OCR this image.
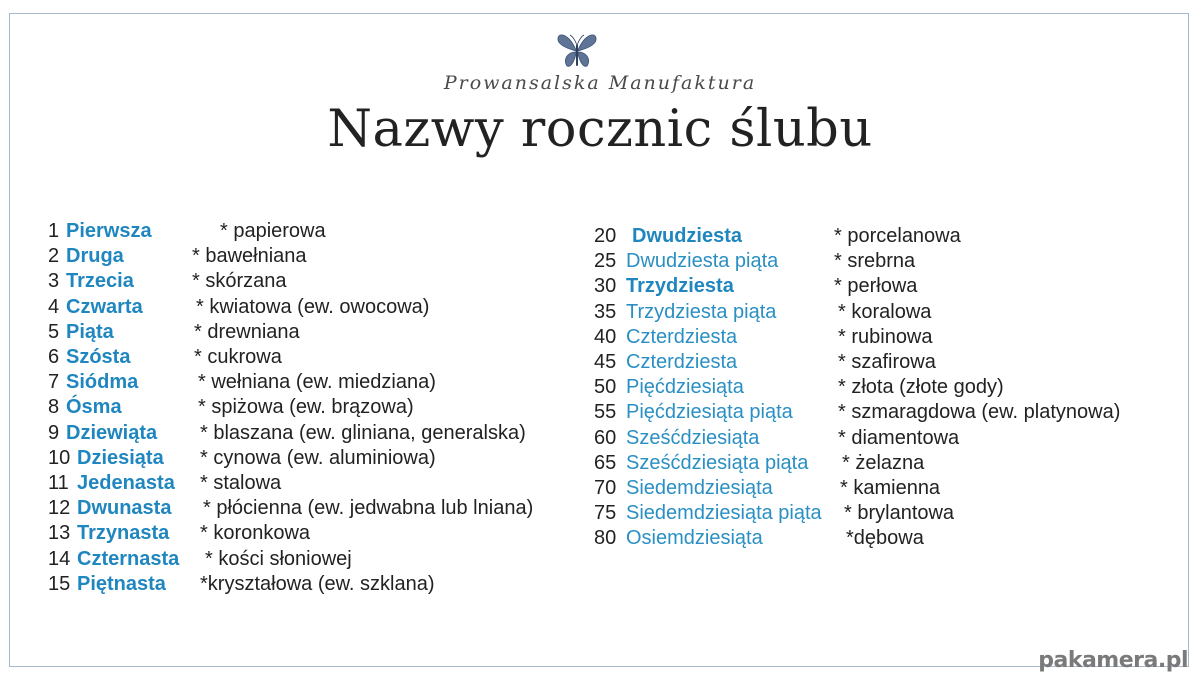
Prowansalska Manufaktura
Nazwy rocznic ślubu
1 Pierwsza	* papierowa
2 Druga	* bawełniana
3 Trzecia	* skórzana
4 Czwarta	* kwiatowa (ew. owocowa)
5 Piąta	* drewniana
6 Szósta	* cukrowa
7 Siódma	* wełniana (ew. miedziana)
8 Ósma	* spiżowa (ew. brązowa)
9 Dziewiąta * blaszana (ew. gliniana, generalska)
10 Dziesiąta * cynowa (ew. aluminiowa)
11 Jedenasta * stalowa
12 Dwunasta * płócienna (ew. jedwabna lub lniana)
13 Trzynasta * koronkowa
14 Czternasta * kości słoniowej
15 Piętnasta *kryształowa (ew. szklana)
20 Dwudziesta	* porcelanowa
25 Dwudziesta piąta	* srebrna
30 Trzydziesta	* perłowa
35 Trzydziesta piąta	* koralowa
40 Czterdziesta	* rubinowa
45 Czterdziesta	* szafirowa
50 Pięćdziesiąta	* złota (złote gody)
55 Pięćdziesiąta piąta * szmaragdowa (ew. platynowa)
60 Sześćdziesiąta	* diamentowa
65 Sześćdziesiąta piąta * żelazna
70 Siedemdziesiąta	* kamienna
75 Siedemdziesiąta piąta * brylantowa
80 Osiemdziesiąta	*dębowa
pakamera.pl
